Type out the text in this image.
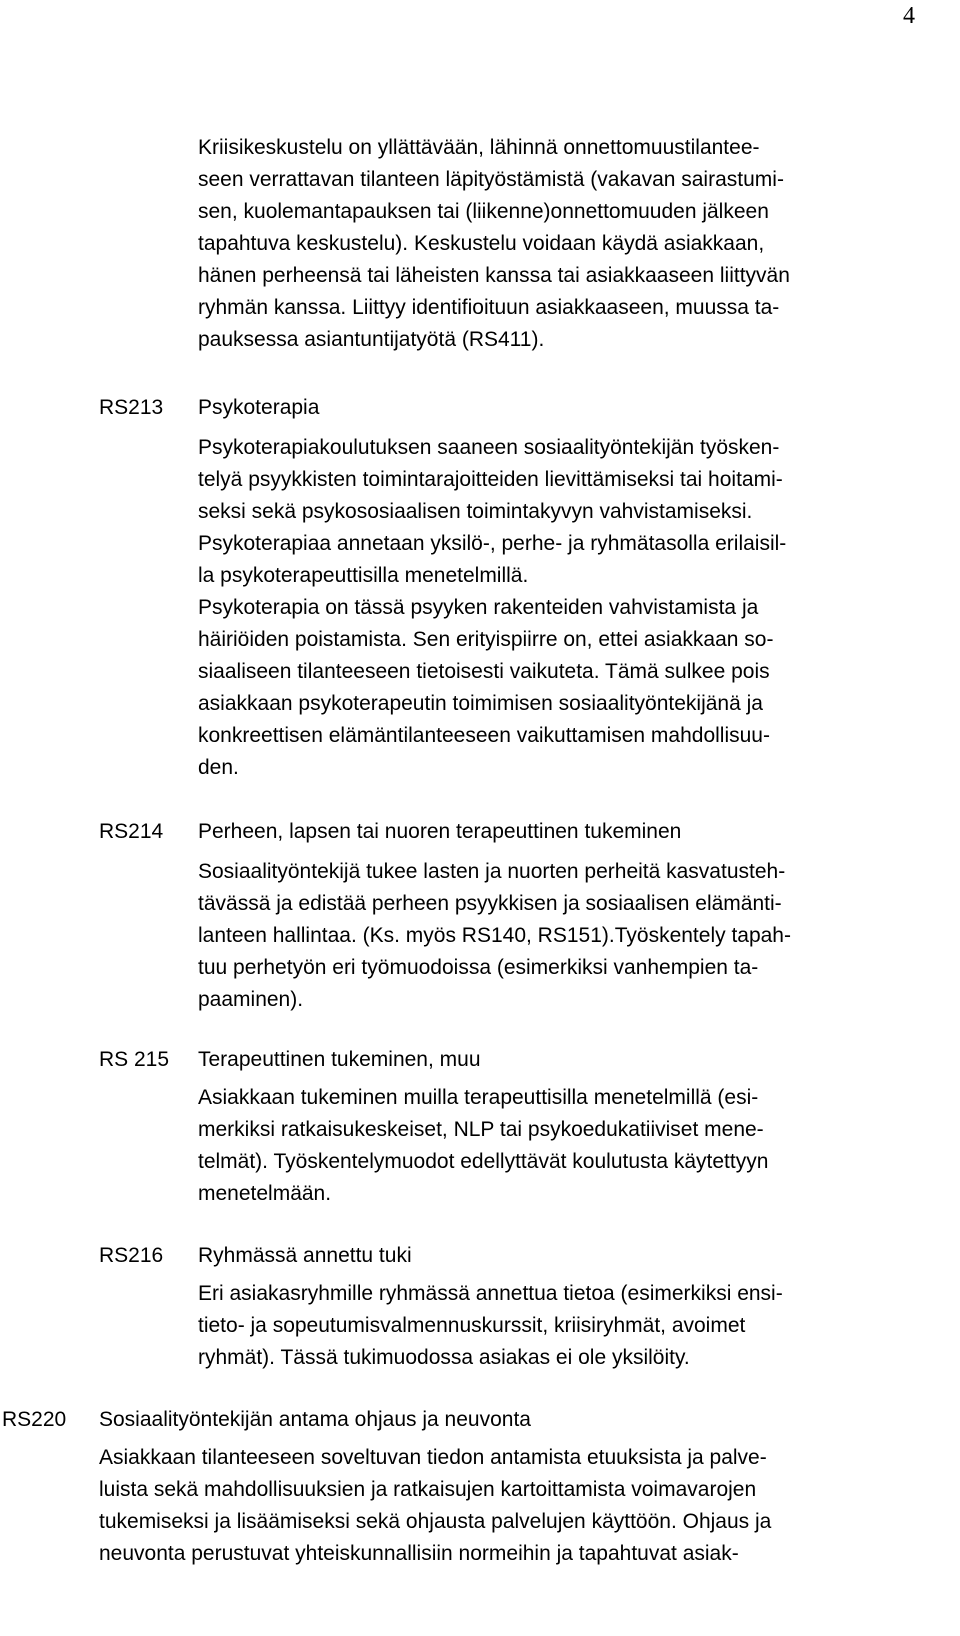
4
Kriisikeskustelu on yllättävään, lähinnä onnettomuustilantee-
seen verrattavan tilanteen läpityöstämistä (vakavan sairastumi-
sen, kuolemantapauksen tai (liikenne)onnettomuuden jälkeen
tapahtuva keskustelu). Keskustelu voidaan käydä asiakkaan,
hänen perheensä tai läheisten kanssa tai asiakkaaseen liittyvän
ryhmän kanssa. Liittyy identifioituun asiakkaaseen, muussa ta-
pauksessa asiantuntijatyötä (RS411).
RS213 Psykoterapia
Psykoterapiakoulutuksen saaneen sosiaalityöntekijän työsken-
telyä psyykkisten toimintarajoitteiden lievittämiseksi tai hoitami-
seksi sekä psykososiaalisen toimintakyvyn vahvistamiseksi.
Psykoterapiaa annetaan yksilö-, perhe- ja ryhmätasolla erilaisil-
la psykoterapeuttisilla menetelmillä.
Psykoterapia on tässä psyyken rakenteiden vahvistamista ja
häiriöiden poistamista. Sen erityispiirre on, ettei asiakkaan so-
siaaliseen tilanteeseen tietoisesti vaikuteta. Tämä sulkee pois
asiakkaan psykoterapeutin toimimisen sosiaalityöntekijänä ja
konkreettisen elämäntilanteeseen vaikuttamisen mahdollisuu-
den.
RS214 Perheen, lapsen tai nuoren terapeuttinen tukeminen
Sosiaalityöntekijä tukee lasten ja nuorten perheitä kasvatusteh-
tävässä ja edistää perheen psyykkisen ja sosiaalisen elämänti-
lanteen hallintaa. (Ks. myös RS140, RS151).Työskentely tapah-
tuu perhetyön eri työmuodoissa (esimerkiksi vanhempien ta-
paaminen).
RS 215 Terapeuttinen tukeminen, muu
Asiakkaan tukeminen muilla terapeuttisilla menetelmillä (esi-
merkiksi ratkaisukeskeiset, NLP tai psykoedukatiiviset mene-
telmät). Työskentelymuodot edellyttävät koulutusta käytettyyn
menetelmään.
RS216 Ryhmässä annettu tuki
Eri asiakasryhmille ryhmässä annettua tietoa (esimerkiksi ensi-
tieto- ja sopeutumisvalmennuskurssit, kriisiryhmät, avoimet
ryhmät). Tässä tukimuodossa asiakas ei ole yksilöity.
RS220 Sosiaalityöntekijän antama ohjaus ja neuvonta
Asiakkaan tilanteeseen soveltuvan tiedon antamista etuuksista ja palve-
luista sekä mahdollisuuksien ja ratkaisujen kartoittamista voimavarojen
tukemiseksi ja lisäämiseksi sekä ohjausta palvelujen käyttöön. Ohjaus ja
neuvonta perustuvat yhteiskunnallisiin normeihin ja tapahtuvat asiak-
